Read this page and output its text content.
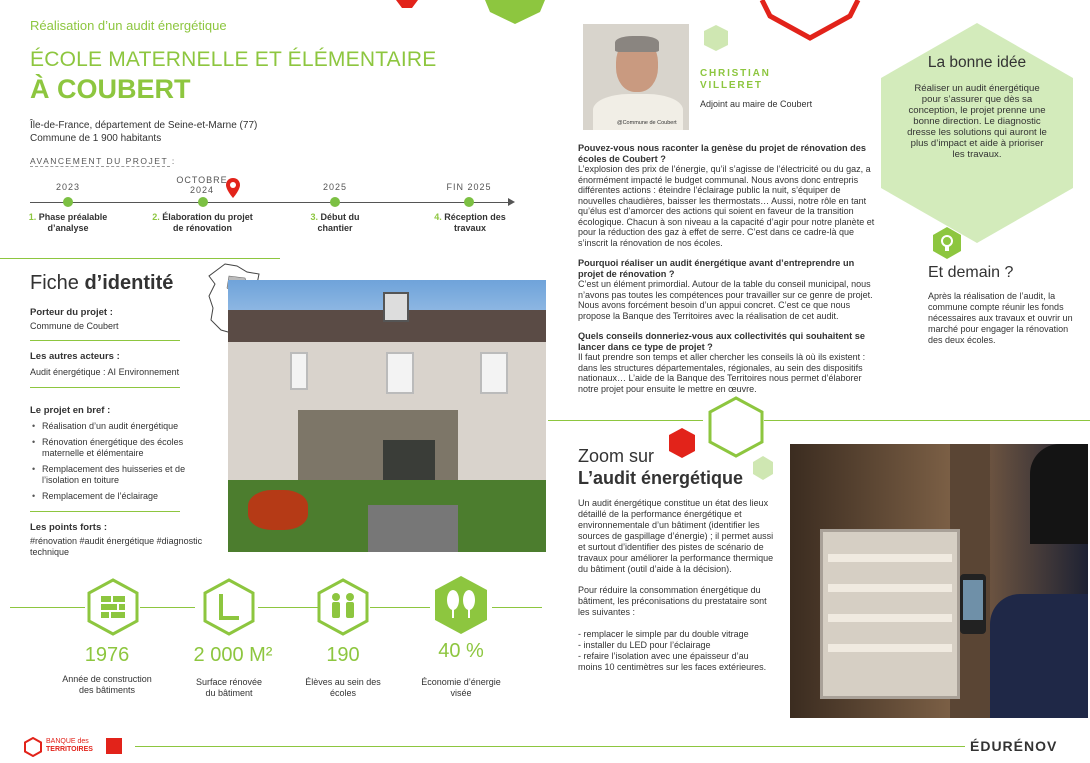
Réalisation d’un audit énergétique
ÉCOLE MATERNELLE ET ÉLÉMENTAIRE
À COUBERT
Île-de-France, département de Seine-et-Marne (77)
Commune de 1 900 habitants
AVANCEMENT DU PROJET :
2023
OCTOBRE 2024	2025	FIN 2025
1. Phase préalable d’analyse
2. Élaboration du projet de rénovation
3. Début du chantier
4. Réception des travaux
Fiche d’identité
Porteur du projet :
Commune de Coubert
Les autres acteurs :
Audit énergétique : AI Environnement
Le projet en bref :
• Réalisation d’un audit énergétique
• Rénovation énergétique des écoles maternelle et élémentaire
• Remplacement des huisseries et de l’isolation en toiture
• Remplacement de l’éclairage
Les points forts :
#rénovation #audit énergétique #diagnostic technique
1976
Année de construction des bâtiments
2 000 M²
Surface rénovée du bâtiment
190
Élèves au sein des écoles
40 %
Économie d’énergie visée
@Commune de Coubert
CHRISTIAN
VILLERET
Adjoint au maire de Coubert
Pouvez-vous nous raconter la genèse du projet de rénovation des écoles de Coubert ?
L’explosion des prix de l’énergie, qu’il s’agisse de l’électricité ou du gaz, a énormément impacté le budget communal. Nous avons donc entrepris différentes actions : éteindre l’éclairage public la nuit, s’équiper de nouvelles chaudières, baisser les thermostats… Aussi, notre rôle en tant qu’élus est d’amorcer des actions qui soient en faveur de la transition écologique. Chacun à son niveau a la capacité d’agir pour notre planète et pour la réduction des gaz à effet de serre. C’est dans ce cadre-là que s’inscrit la rénovation de nos écoles.
Pourquoi réaliser un audit énergétique avant d’entreprendre un projet de rénovation ?
C’est un élément primordial. Autour de la table du conseil municipal, nous n’avons pas toutes les compétences pour travailler sur ce genre de projet. Nous avons forcément besoin d’un appui concret. C’est ce que nous propose la Banque des Territoires avec la réalisation de cet audit.
Quels conseils donneriez-vous aux collectivités qui souhaitent se lancer dans ce type de projet ?
Il faut prendre son temps et aller chercher les conseils là où ils existent : dans les structures départementales, régionales, au sein des dispositifs nationaux… L’aide de la Banque des Territoires nous permet d’élaborer notre projet pour ensuite le mettre en œuvre.
La bonne idée
Réaliser un audit énergétique pour s’assurer que dès sa conception, le projet prenne une bonne direction. Le diagnostic dresse les solutions qui auront le plus d’impact et aide à prioriser les travaux.
Et demain ?
Après la réalisation de l’audit, la commune compte réunir les fonds nécessaires aux travaux et ouvrir un marché pour engager la rénovation des deux écoles.
Zoom sur
L’audit énergétique
Un audit énergétique constitue un état des lieux détaillé de la performance énergétique et environnementale d’un bâtiment (identifier les sources de gaspillage d’énergie) ; il permet aussi et surtout d’identifier des pistes de scénario de travaux pour améliorer la performance thermique du bâtiment (outil d’aide à la décision).
Pour réduire la consommation énergétique du bâtiment, les préconisations du prestataire sont les suivantes :
- remplacer le simple par du double vitrage
- installer du LED pour l’éclairage
- refaire l’isolation avec une épaisseur d’au moins 10 centimètres sur les faces extérieures.
BANQUE des
TERRITOIRES	ÉDURÉNOV
